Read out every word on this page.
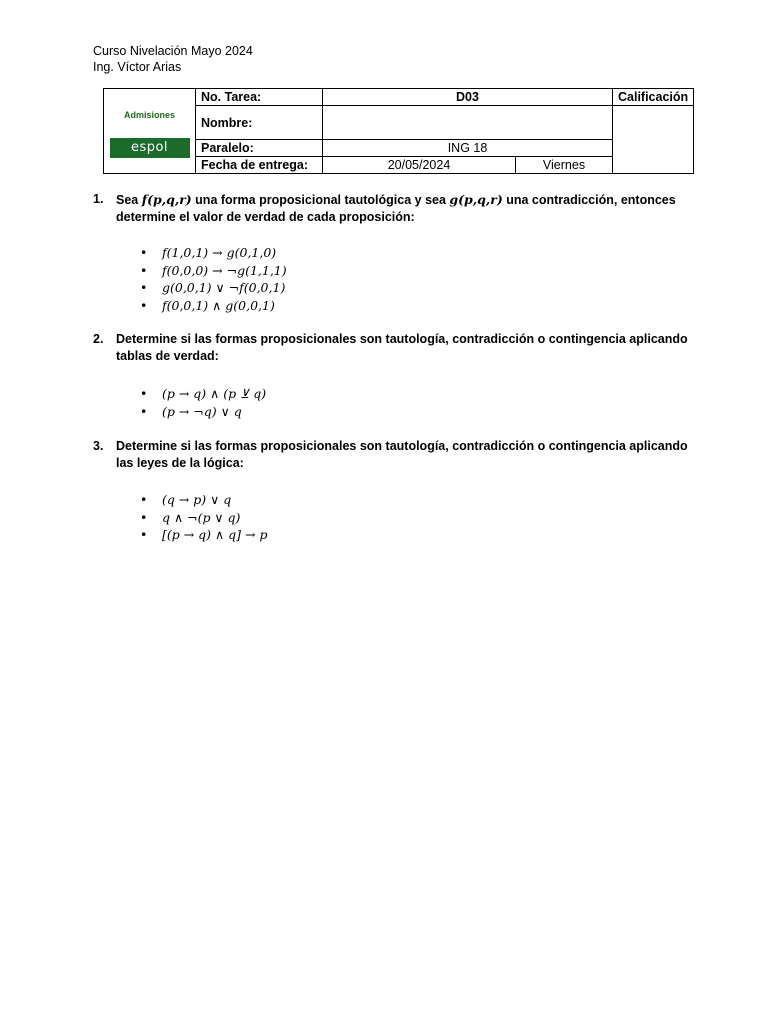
Curso Nivelación Mayo 2024
Ing. Víctor Arias
Admisiones
espol	No. Tarea:	D03		Calificación
	Nombre:			
	Paralelo:	ING 18		
	Fecha de entrega:	20/05/2024	Viernes	
1. Sea f(p,q,r) una forma proposicional tautológica y sea g(p,q,r) una contradicción, entonces determine el valor de verdad de cada proposición:
• f(1,0,1) → g(0,1,0)
• f(0,0,0) → ¬g(1,1,1)
• g(0,0,1) ∨ ¬f(0,0,1)
• f(0,0,1) ∧ g(0,0,1)
2. Determine si las formas proposicionales son tautología, contradicción o contingencia aplicando tablas de verdad:
• (p → q) ∧ (p ⊻ q)
• (p → ¬q) ∨ q
3. Determine si las formas proposicionales son tautología, contradicción o contingencia aplicando las leyes de la lógica:
• (q → p) ∨ q
• q ∧ ¬(p ∨ q)
• [(p → q) ∧ q] → p
